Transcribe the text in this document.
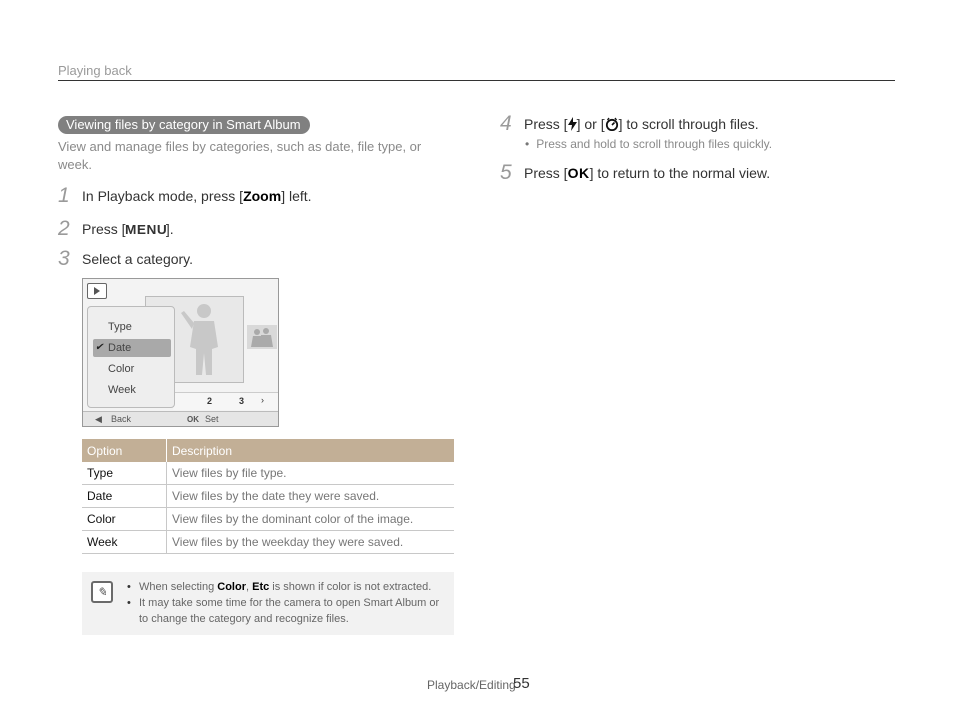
Playing back
Viewing files by category in Smart Album
View and manage files by categories, such as date, file type, or week.
1 In Playback mode, press [Zoom] left.
2 Press [MENU].
3 Select a category.
2	3 ›
Type
✔ Date
Color
Week
◀ Back	OK Set
Option	Description
Type	View files by file type.
Date	View files by the date they were saved.
Color	View files by the dominant color of the image.
Week	View files by the weekday they were saved.
✎	• When selecting Color, Etc is shown if color is not extracted.
• It may take some time for the camera to open Smart Album or to change the category and recognize files.
4 Press [ ] or [ ] to scroll through files.
• Press and hold to scroll through files quickly.
5 Press [OK] to return to the normal view.
Playback/Editing
55
